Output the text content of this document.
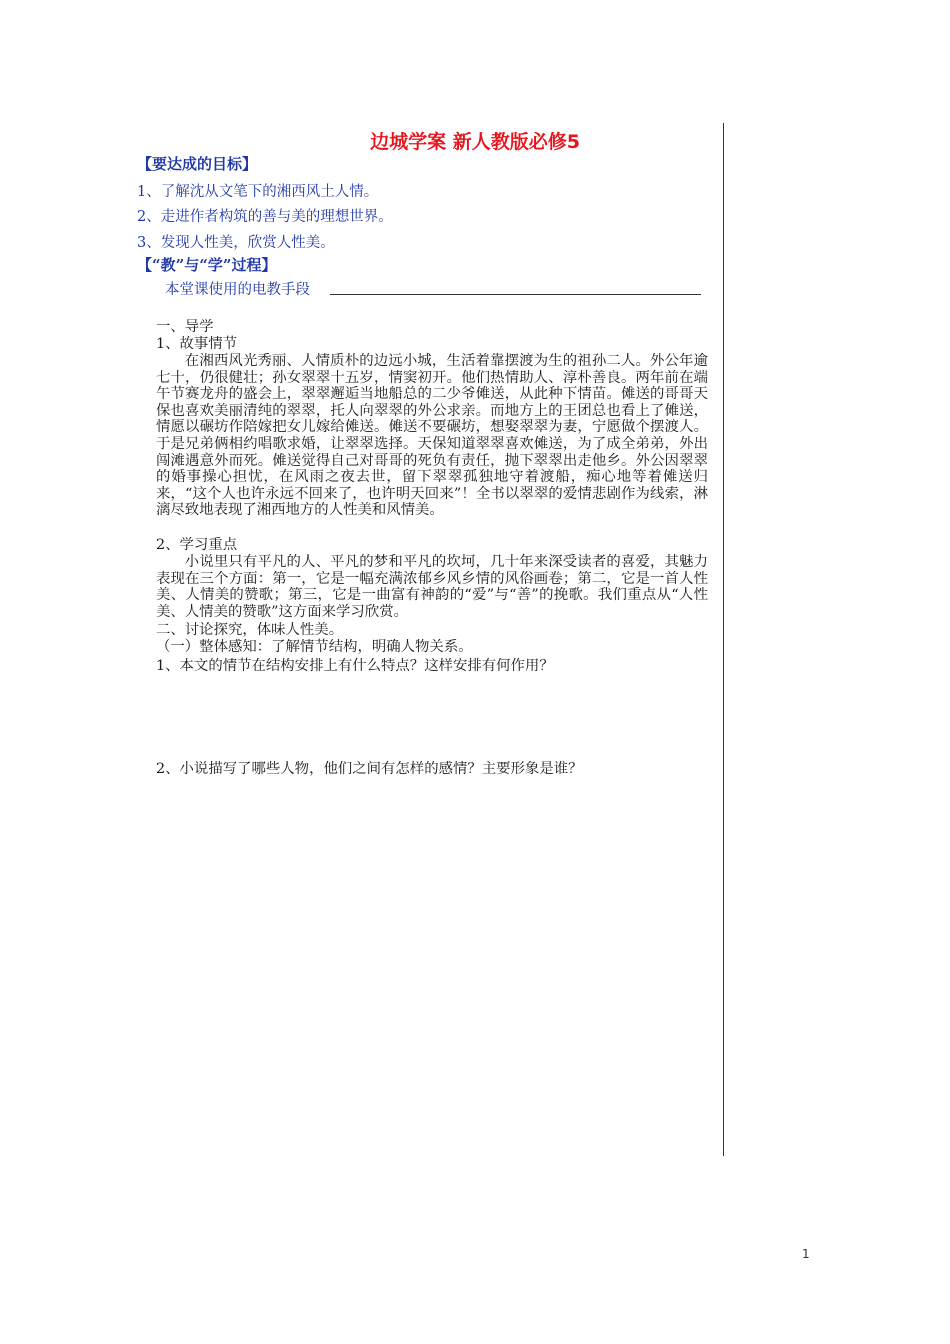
边城学案 新人教版必修5
【要达成的目标】
1、了解沈从文笔下的湘西风土人情。
2、走进作者构筑的善与美的理想世界。
3、发现人性美，欣赏人性美。
【“教”与“学”过程】
本堂课使用的电教手段
一、导学
1、故事情节
在湘西风光秀丽、人情质朴的边远小城，生活着靠摆渡为生的祖孙二人。外公年逾七十，仍很健壮；孙女翠翠十五岁，情窦初开。他们热情助人、淳朴善良。两年前在端午节赛龙舟的盛会上，翠翠邂逅当地船总的二少爷傩送，从此种下情苗。傩送的哥哥天保也喜欢美丽清纯的翠翠，托人向翠翠的外公求亲。而地方上的王团总也看上了傩送，情愿以碾坊作陪嫁把女儿嫁给傩送。傩送不要碾坊，想娶翠翠为妻，宁愿做个摆渡人。于是兄弟俩相约唱歌求婚，让翠翠选择。天保知道翠翠喜欢傩送，为了成全弟弟，外出闯滩遇意外而死。傩送觉得自己对哥哥的死负有责任，抛下翠翠出走他乡。外公因翠翠的婚事操心担忧，在风雨之夜去世，留下翠翠孤独地守着渡船，痴心地等着傩送归来，“这个人也许永远不回来了，也许明天回来”！全书以翠翠的爱情悲剧作为线索，淋漓尽致地表现了湘西地方的人性美和风情美。
2、学习重点
小说里只有平凡的人、平凡的梦和平凡的坎坷，几十年来深受读者的喜爱，其魅力表现在三个方面：第一，它是一幅充满浓郁乡风乡情的风俗画卷；第二，它是一首人性美、人情美的赞歌；第三，它是一曲富有神韵的“爱”与“善”的挽歌。我们重点从“人性美、人情美的赞歌”这方面来学习欣赏。
二、讨论探究，体味人性美。
（一）整体感知：了解情节结构，明确人物关系。
1、本文的情节在结构安排上有什么特点？这样安排有何作用？
2、小说描写了哪些人物，他们之间有怎样的感情？主要形象是谁？
1
